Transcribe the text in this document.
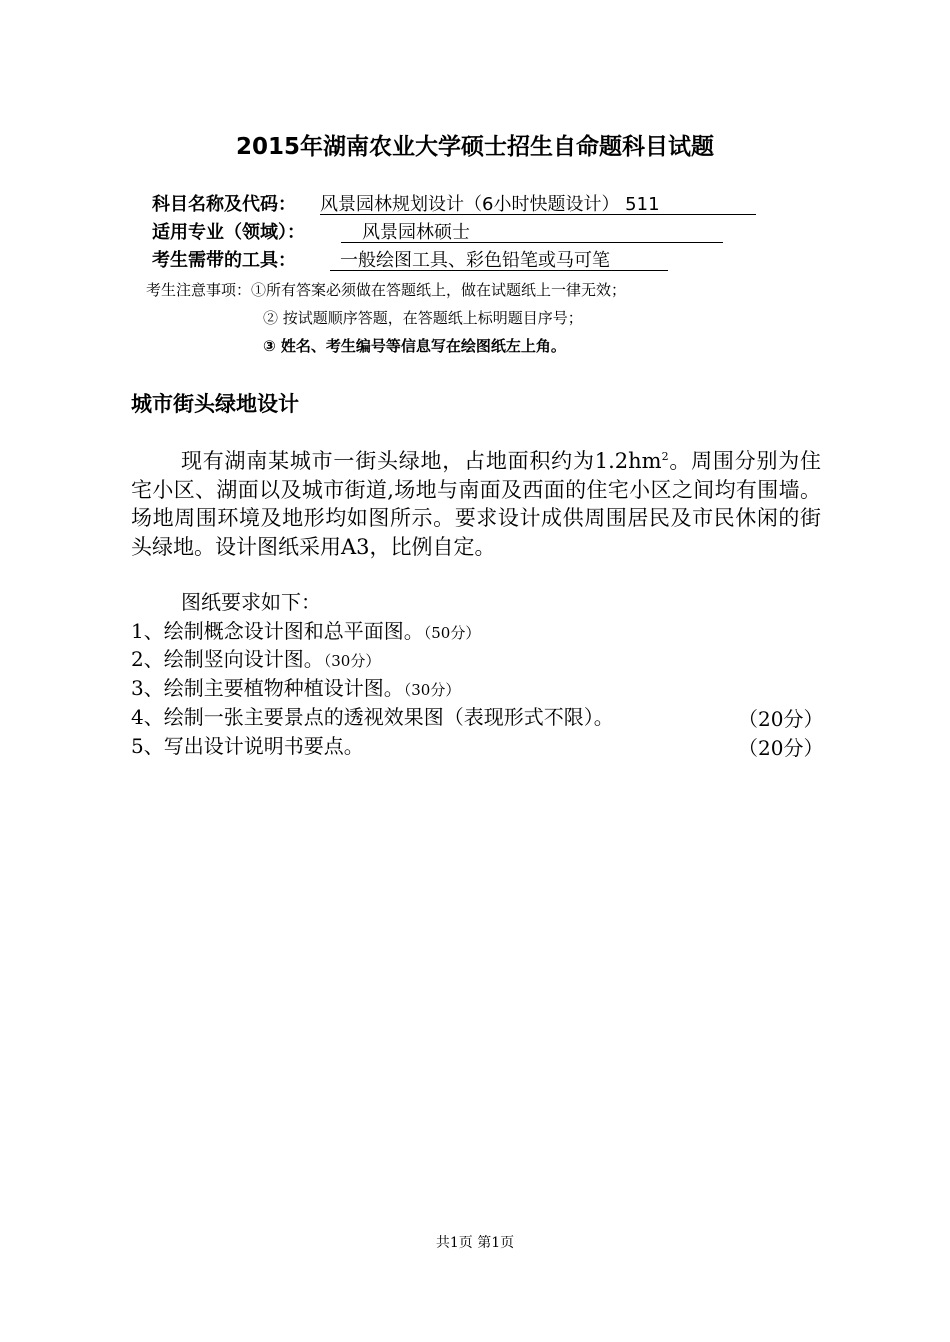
2015年湖南农业大学硕士招生自命题科目试题
科目名称及代码： 风景园林规划设计（6小时快题设计） 511
适用专业（领域）：	风景园林硕士
考生需带的工具： 一般绘图工具、彩色铅笔或马可笔
考生注意事项：①所有答案必须做在答题纸上，做在试题纸上一律无效；
② 按试题顺序答题，在答题纸上标明题目序号；
③ 姓名、考生编号等信息写在绘图纸左上角。
城市街头绿地设计
现有湖南某城市一街头绿地，占地面积约为$1.2hm^2$。周围分别为住宅小区、湖面以及城市街道,场地与南面及西面的住宅小区之间均有围墙。场地周围环境及地形均如图所示。要求设计成供周围居民及市民休闲的街头绿地。设计图纸采用A3，比例自定。
图纸要求如下：
1、绘制概念设计图和总平面图。（50分）
2、绘制竖向设计图。（30分）
3、绘制主要植物种植设计图。（30分）
4、绘制一张主要景点的透视效果图（表现形式不限）。	（20分）
5、写出设计说明书要点。	（20分）
共1页 第1页
